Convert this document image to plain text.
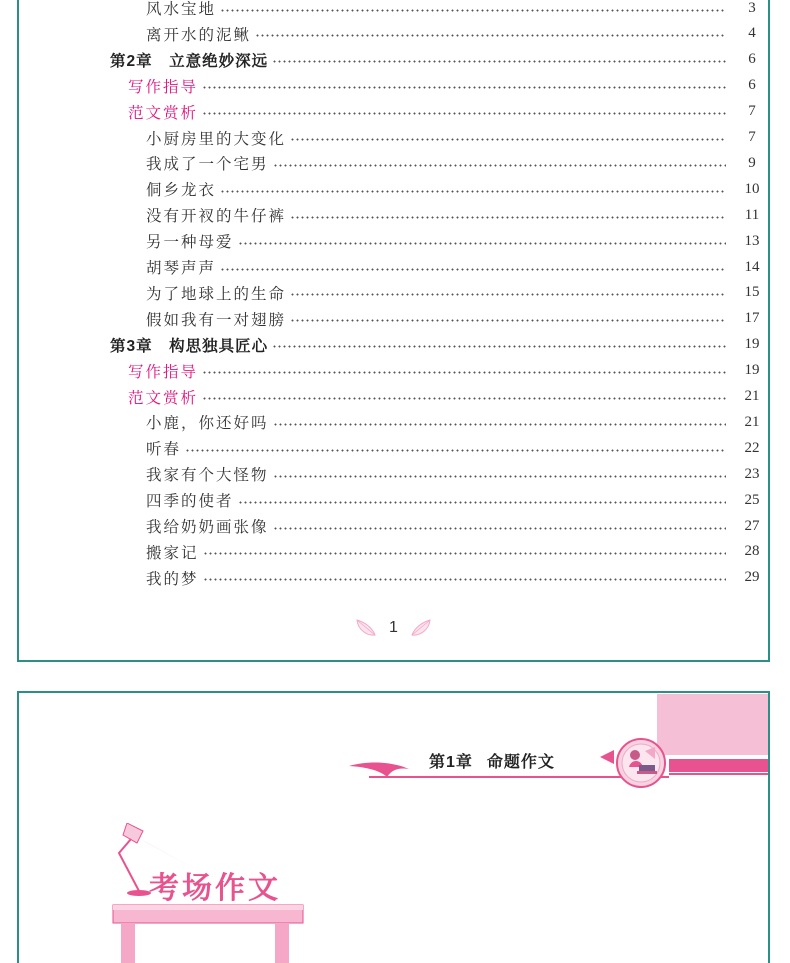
风水宝地	3
离开水的泥鳅	4
第2章　立意绝妙深远	6
写作指导	6
范文赏析	7
小厨房里的大变化	7
我成了一个宅男	9
侗乡龙衣	10
没有开衩的牛仔裤	11
另一种母爱	13
胡琴声声	14
为了地球上的生命	15
假如我有一对翅膀	17
第3章　构思独具匠心	19
写作指导	19
范文赏析	21
小鹿，你还好吗	21
听春	22
我家有个大怪物	23
四季的使者	25
我给奶奶画张像	27
搬家记	28
我的梦	29
1
第1章 命题作文
考场作文
